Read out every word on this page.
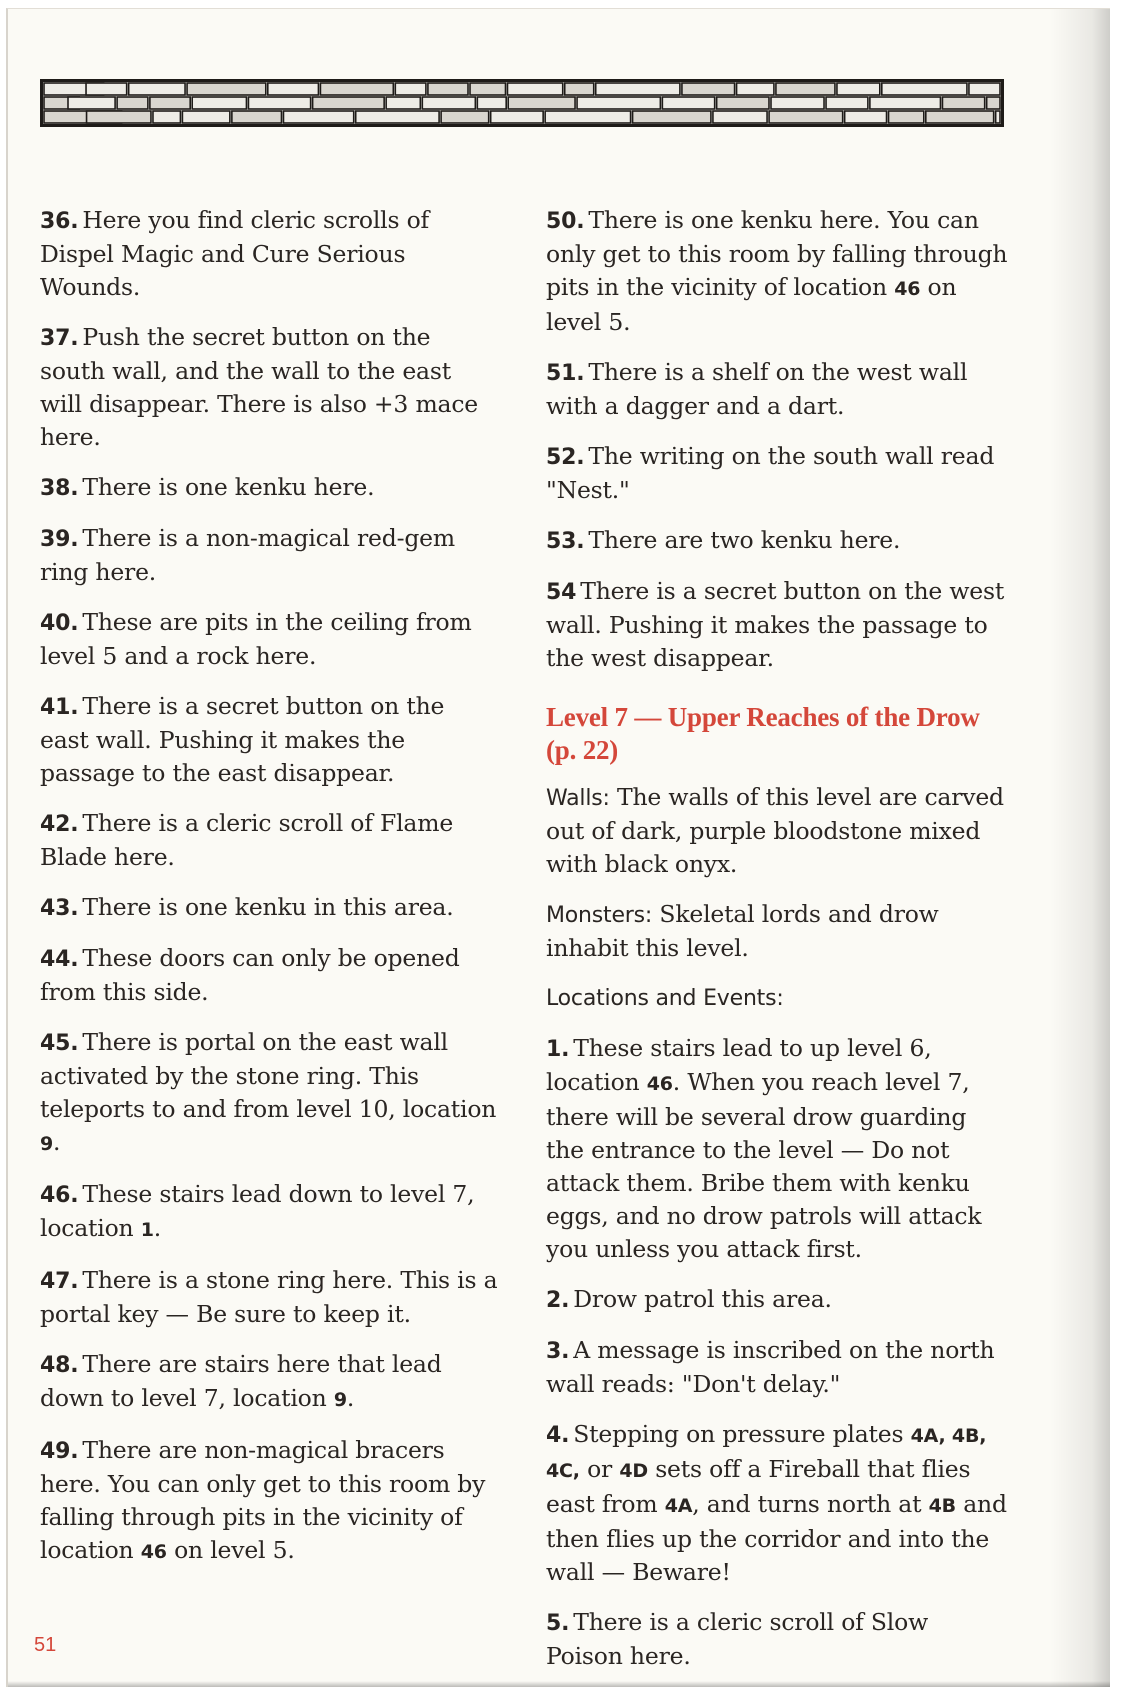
36. Here you find cleric scrolls of Dispel Magic and Cure Serious Wounds.
37. Push the secret button on the south wall, and the wall to the east will disappear. There is also +3 mace here.
38. There is one kenku here.
39. There is a non-magical red-gem ring here.
40. These are pits in the ceiling from level 5 and a rock here.
41. There is a secret button on the east wall. Pushing it makes the passage to the east disappear.
42. There is a cleric scroll of Flame Blade here.
43. There is one kenku in this area.
44. These doors can only be opened from this side.
45. There is portal on the east wall activated by the stone ring. This teleports to and from level 10, location 9.
46. These stairs lead down to level 7, location 1.
47. There is a stone ring here. This is a portal key — Be sure to keep it.
48. There are stairs here that lead down to level 7, location 9.
49. There are non-magical bracers here. You can only get to this room by falling through pits in the vicinity of location 46 on level 5.
50. There is one kenku here. You can only get to this room by falling through pits in the vicinity of location 46 on level 5.
51. There is a shelf on the west wall with a dagger and a dart.
52. The writing on the south wall read "Nest."
53. There are two kenku here.
54 There is a secret button on the west wall. Pushing it makes the passage to the west disappear.
Level 7 — Upper Reaches of the Drow (p. 22)
Walls: The walls of this level are carved out of dark, purple bloodstone mixed with black onyx.
Monsters: Skeletal lords and drow inhabit this level.
Locations and Events:
1. These stairs lead to up level 6, location 46. When you reach level 7, there will be several drow guarding the entrance to the level — Do not attack them. Bribe them with kenku eggs, and no drow patrols will attack you unless you attack first.
2. Drow patrol this area.
3. A message is inscribed on the north wall reads: "Don't delay."
4. Stepping on pressure plates 4A, 4B, 4C, or 4D sets off a Fireball that flies east from 4A, and turns north at 4B and then flies up the corridor and into the wall — Beware!
5. There is a cleric scroll of Slow Poison here.
51
